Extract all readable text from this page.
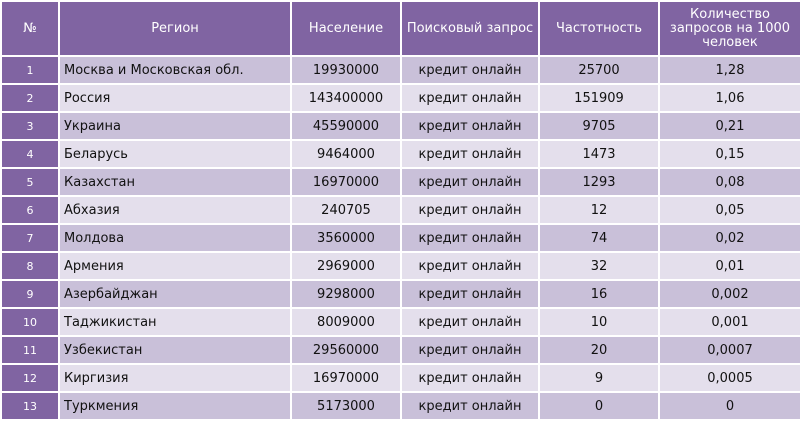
№	Регион	Население	Поисковый запрос	Частотность	Количество запросов на 1000 человек
1	Москва и Московская обл.	19930000	кредит онлайн	25700	1,28
2	Россия	143400000	кредит онлайн	151909	1,06
3	Украина	45590000	кредит онлайн	9705	0,21
4	Беларусь	9464000	кредит онлайн	1473	0,15
5	Казахстан	16970000	кредит онлайн	1293	0,08
6	Абхазия	240705	кредит онлайн	12	0,05
7	Молдова	3560000	кредит онлайн	74	0,02
8	Армения	2969000	кредит онлайн	32	0,01
9	Азербайджан	9298000	кредит онлайн	16	0,002
10	Таджикистан	8009000	кредит онлайн	10	0,001
11	Узбекистан	29560000	кредит онлайн	20	0,0007
12	Киргизия	16970000	кредит онлайн	9	0,0005
13	Туркмения	5173000	кредит онлайн	0	0
